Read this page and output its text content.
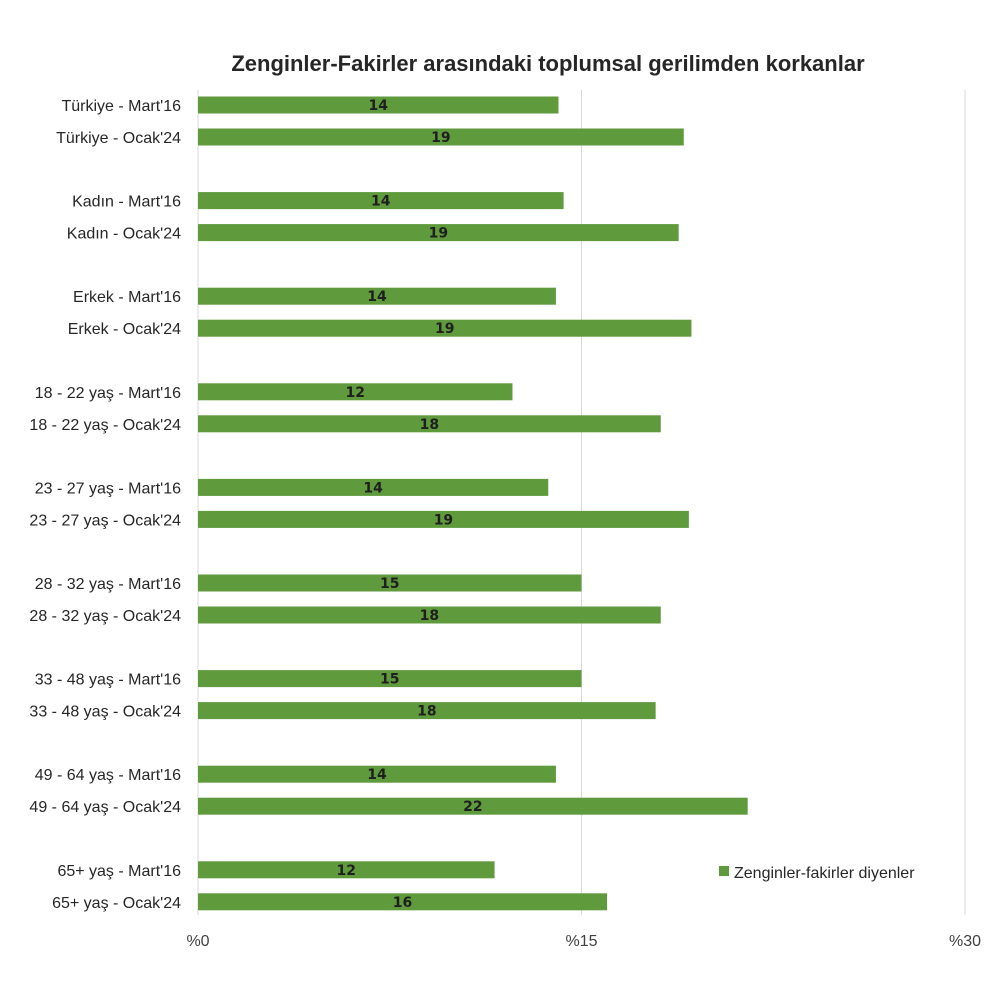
Zenginler-Fakirler arasındaki toplumsal gerilimden korkanlar
Türkiye - Mart'16
Türkiye - Ocak'24
Kadın - Mart'16
Kadın - Ocak'24
Erkek - Mart'16
Erkek - Ocak'24
18 - 22 yaş - Mart'16
18 - 22 yaş - Ocak'24
23 - 27 yaş - Mart'16
23 - 27 yaş - Ocak'24
28 - 32 yaş - Mart'16
28 - 32 yaş - Ocak'24
33 - 48 yaş - Mart'16
33 - 48 yaş - Ocak'24
49 - 64 yaş - Mart'16
49 - 64 yaş - Ocak'24
65+ yaş - Mart'16
65+ yaş - Ocak'24
14
19
14
19
14
19
12
18
14
19
15
18
15
18
14
22
12
16
%0	%15	%30
Zenginler-fakirler diyenler
